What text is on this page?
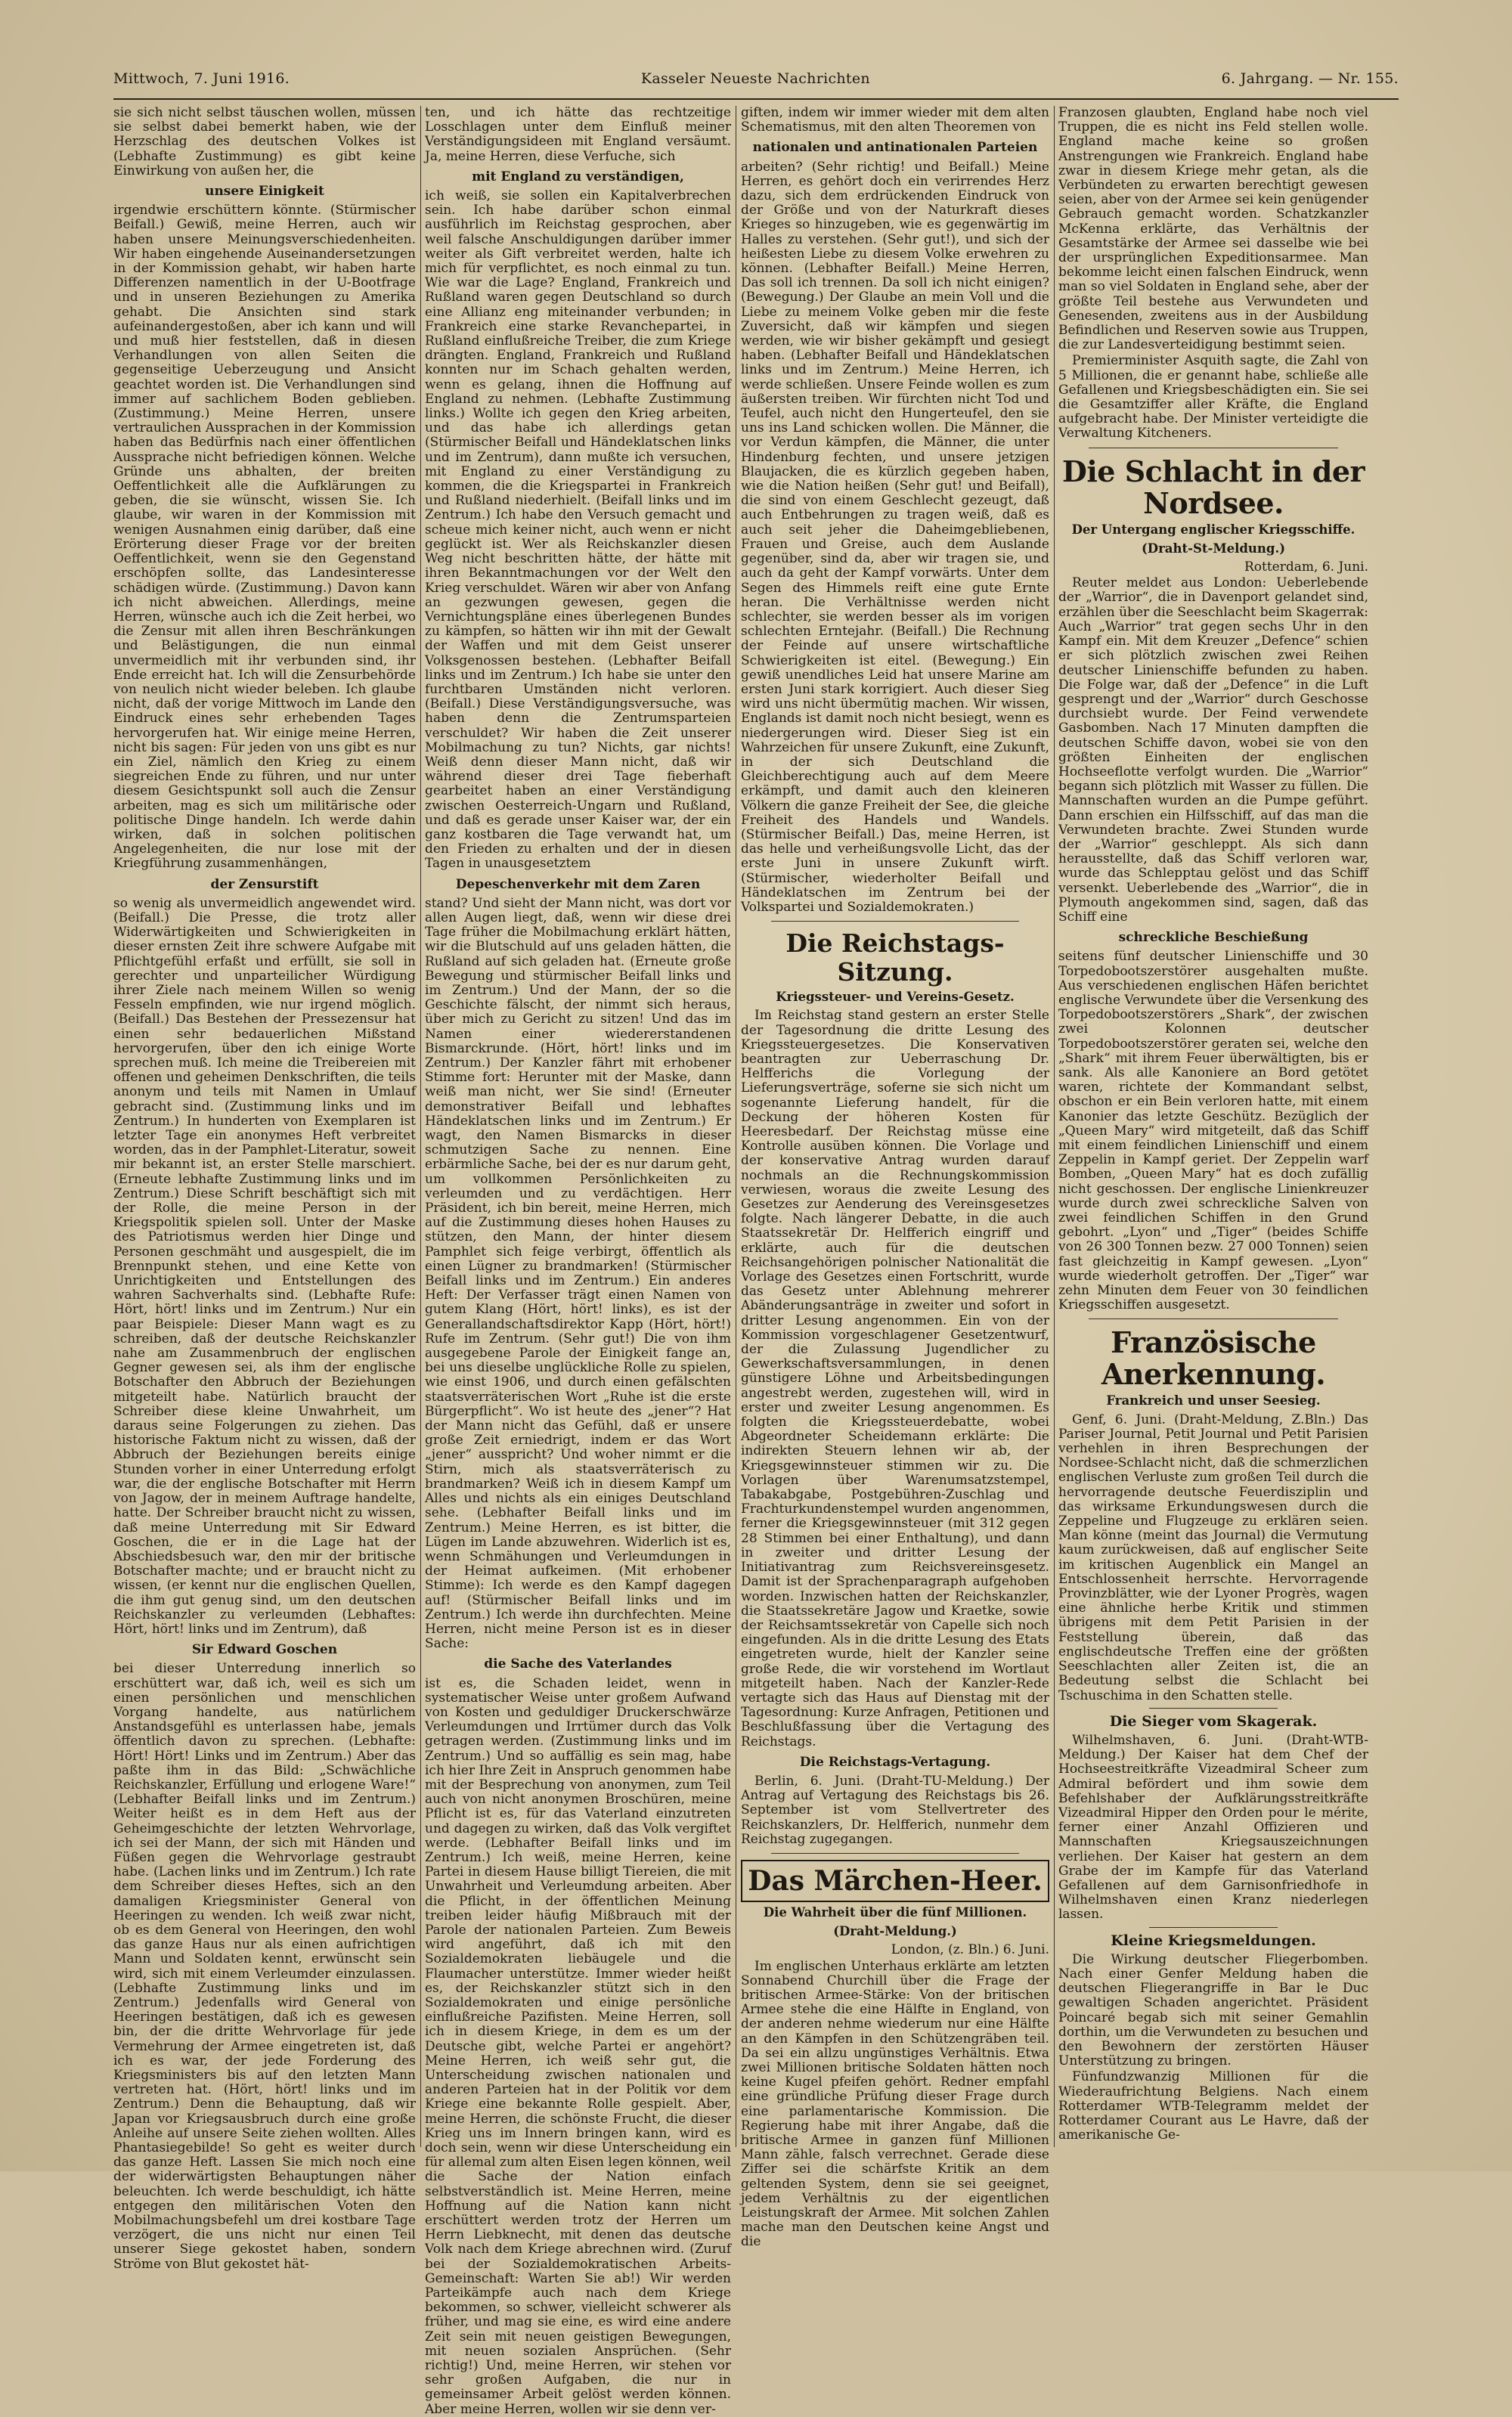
Mittwoch, 7. Juni 1916.	Kasseler Neueste Nachrichten	6. Jahrgang. — Nr. 155.

sie sich nicht selbst täuschen wollen, müssen sie selbst dabei bemerkt haben, wie der Herzschlag des deutschen Volkes ist (Lebhafte Zustimmung) es gibt keine Einwirkung von außen her, die

unsere Einigkeit

irgendwie erschüttern könnte. (Stürmischer Beifall.) Gewiß, meine Herren, auch wir haben unsere Meinungsverschiedenheiten. Wir haben eingehende Auseinandersetzungen in der Kommission gehabt, wir haben harte Differenzen namentlich in der U-Bootfrage und in unseren Beziehungen zu Amerika gehabt. Die Ansichten sind stark aufeinandergestoßen, aber ich kann und will und muß hier feststellen, daß in diesen Verhandlungen von allen Seiten die gegenseitige Ueberzeugung und Ansicht geachtet worden ist. Die Verhandlungen sind immer auf sachlichem Boden geblieben. (Zustimmung.) Meine Herren, unsere vertraulichen Aussprachen in der Kommission haben das Bedürfnis nach einer öffentlichen Aussprache nicht befriedigen können. Welche Gründe uns abhalten, der breiten Oeffentlichkeit alle die Aufklärungen zu geben, die sie wünscht, wissen Sie. Ich glaube, wir waren in der Kommission mit wenigen Ausnahmen einig darüber, daß eine Erörterung dieser Frage vor der breiten Oeffentlichkeit, wenn sie den Gegenstand erschöpfen sollte, das Landesinteresse schädigen würde. (Zustimmung.) Davon kann ich nicht abweichen. Allerdings, meine Herren, wünsche auch ich die Zeit herbei, wo die Zensur mit allen ihren Beschränkungen und Belästigungen, die nun einmal unvermeidlich mit ihr verbunden sind, ihr Ende erreicht hat. Ich will die Zensurbehörde von neulich nicht wieder beleben. Ich glaube nicht, daß der vorige Mittwoch im Lande den Eindruck eines sehr erhebenden Tages hervorgerufen hat. Wir einige meine Herren, nicht bis sagen: Für jeden von uns gibt es nur ein Ziel, nämlich den Krieg zu einem siegreichen Ende zu führen, und nur unter diesem Gesichtspunkt soll auch die Zensur arbeiten, mag es sich um militärische oder politische Dinge handeln. Ich werde dahin wirken, daß in solchen politischen Angelegenheiten, die nur lose mit der Kriegführung zusammenhängen,

der Zensurstift

so wenig als unvermeidlich angewendet wird. (Beifall.) Die Presse, die trotz aller Widerwärtigkeiten und Schwierigkeiten in dieser ernsten Zeit ihre schwere Aufgabe mit Pflichtgefühl erfaßt und erfüllt, sie soll in gerechter und unparteilicher Würdigung ihrer Ziele nach meinem Willen so wenig Fesseln empfinden, wie nur irgend möglich. (Beifall.) Das Bestehen der Pressezensur hat einen sehr bedauerlichen Mißstand hervorgerufen, über den ich einige Worte sprechen muß. Ich meine die Treibereien mit offenen und geheimen Denkschriften, die teils anonym und teils mit Namen in Umlauf gebracht sind. (Zustimmung links und im Zentrum.) In hunderten von Exemplaren ist letzter Tage ein anonymes Heft verbreitet worden, das in der Pamphlet-Literatur, soweit mir bekannt ist, an erster Stelle marschiert. (Erneute lebhafte Zustimmung links und im Zentrum.) Diese Schrift beschäftigt sich mit der Rolle, die meine Person in der Kriegspolitik spielen soll. Unter der Maske des Patriotismus werden hier Dinge und Personen geschmäht und ausgespielt, die im Brennpunkt stehen, und eine Kette von Unrichtigkeiten und Entstellungen des wahren Sachverhalts sind. (Lebhafte Rufe: Hört, hört! links und im Zentrum.) Nur ein paar Beispiele: Dieser Mann wagt es zu schreiben, daß der deutsche Reichskanzler nahe am Zusammenbruch der englischen Gegner gewesen sei, als ihm der englische Botschafter den Abbruch der Beziehungen mitgeteilt habe. Natürlich braucht der Schreiber diese kleine Unwahrheit, um daraus seine Folgerungen zu ziehen. Das historische Faktum nicht zu wissen, daß der Abbruch der Beziehungen bereits einige Stunden vorher in einer Unterredung erfolgt war, die der englische Botschafter mit Herrn von Jagow, der in meinem Auftrage handelte, hatte. Der Schreiber braucht nicht zu wissen, daß meine Unterredung mit Sir Edward Goschen, die er in die Lage hat der Abschiedsbesuch war, den mir der britische Botschafter machte; und er braucht nicht zu wissen, (er kennt nur die englischen Quellen, die ihm gut genug sind, um den deutschen Reichskanzler zu verleumden (Lebhaftes: Hört, hört! links und im Zentrum), daß

Sir Edward Goschen

bei dieser Unterredung innerlich so erschüttert war, daß ich, weil es sich um einen persönlichen und menschlichen Vorgang handelte, aus natürlichem Anstandsgefühl es unterlassen habe, jemals öffentlich davon zu sprechen. (Lebhafte: Hört! Hört! Links und im Zentrum.) Aber das paßte ihm in das Bild: „Schwächliche Reichskanzler, Erfüllung und erlogene Ware!“ (Lebhafter Beifall links und im Zentrum.) Weiter heißt es in dem Heft aus der Geheimgeschichte der letzten Wehrvorlage, ich sei der Mann, der sich mit Händen und Füßen gegen die Wehrvorlage gestraubt habe. (Lachen links und im Zentrum.) Ich rate dem Schreiber dieses Heftes, sich an den damaligen Kriegsminister General von Heeringen zu wenden. Ich weiß zwar nicht, ob es dem General von Heeringen, den wohl das ganze Haus nur als einen aufrichtigen Mann und Soldaten kennt, erwünscht sein wird, sich mit einem Verleumder einzulassen. (Lebhafte Zustimmung links und im Zentrum.) Jedenfalls wird General von Heeringen bestätigen, daß ich es gewesen bin, der die dritte Wehrvorlage für jede Vermehrung der Armee eingetreten ist, daß ich es war, der jede Forderung des Kriegsministers bis auf den letzten Mann vertreten hat. (Hört, hört! links und im Zentrum.) Denn die Behauptung, daß wir Japan vor Kriegsausbruch durch eine große Anleihe auf unsere Seite ziehen wollten. Alles Phantasiegebilde! So geht es weiter durch das ganze Heft. Lassen Sie mich noch eine der widerwärtigsten Behauptungen näher beleuchten. Ich werde beschuldigt, ich hätte entgegen den militärischen Voten den Mobilmachungsbefehl um drei kostbare Tage verzögert, die uns nicht nur einen Teil unserer Siege gekostet haben, sondern Ströme von Blut gekostet hät-

ten, und ich hätte das rechtzeitige Losschlagen unter dem Einfluß meiner Verständigungsideen mit England versäumt. Ja, meine Herren, diese Verfuche, sich

mit England zu verständigen,

ich weiß, sie sollen ein Kapitalverbrechen sein. Ich habe darüber schon einmal ausführlich im Reichstag gesprochen, aber weil falsche Anschuldigungen darüber immer weiter als Gift verbreitet werden, halte ich mich für verpflichtet, es noch einmal zu tun. Wie war die Lage? England, Frankreich und Rußland waren gegen Deutschland so durch eine Allianz eng miteinander verbunden; in Frankreich eine starke Revanchepartei, in Rußland einflußreiche Treiber, die zum Kriege drängten. England, Frankreich und Rußland konnten nur im Schach gehalten werden, wenn es gelang, ihnen die Hoffnung auf England zu nehmen. (Lebhafte Zustimmung links.) Wollte ich gegen den Krieg arbeiten, und das habe ich allerdings getan (Stürmischer Beifall und Händeklatschen links und im Zentrum), dann mußte ich versuchen, mit England zu einer Verständigung zu kommen, die die Kriegspartei in Frankreich und Rußland niederhielt. (Beifall links und im Zentrum.) Ich habe den Versuch gemacht und scheue mich keiner nicht, auch wenn er nicht geglückt ist. Wer als Reichskanzler diesen Weg nicht beschritten hätte, der hätte mit ihren Bekanntmachungen vor der Welt den Krieg verschuldet. Wären wir aber von Anfang an gezwungen gewesen, gegen die Vernichtungspläne eines überlegenen Bundes zu kämpfen, so hätten wir ihn mit der Gewalt der Waffen und mit dem Geist unserer Volksgenossen bestehen. (Lebhafter Beifall links und im Zentrum.) Ich habe sie unter den furchtbaren Umständen nicht verloren. (Beifall.) Diese Verständigungsversuche, was haben denn die Zentrumsparteien verschuldet? Wir haben die Zeit unserer Mobilmachung zu tun? Nichts, gar nichts! Weiß denn dieser Mann nicht, daß wir während dieser drei Tage fieberhaft gearbeitet haben an einer Verständigung zwischen Oesterreich-Ungarn und Rußland, und daß es gerade unser Kaiser war, der ein ganz kostbaren die Tage verwandt hat, um den Frieden zu erhalten und der in diesen Tagen in unausgesetztem

Depeschenverkehr mit dem Zaren

stand? Und sieht der Mann nicht, was dort vor allen Augen liegt, daß, wenn wir diese drei Tage früher die Mobilmachung erklärt hätten, wir die Blutschuld auf uns geladen hätten, die Rußland auf sich geladen hat. (Erneute große Bewegung und stürmischer Beifall links und im Zentrum.) Und der Mann, der so die Geschichte fälscht, der nimmt sich heraus, über mich zu Gericht zu sitzen! Und das im Namen einer wiedererstandenen Bismarckrunde. (Hört, hört! links und im Zentrum.) Der Kanzler fährt mit erhobener Stimme fort: Herunter mit der Maske, dann weiß man nicht, wer Sie sind! (Erneuter demonstrativer Beifall und lebhaftes Händeklatschen links und im Zentrum.) Er wagt, den Namen Bismarcks in dieser schmutzigen Sache zu nennen. Eine erbärmliche Sache, bei der es nur darum geht, um vollkommen Persönlichkeiten zu verleumden und zu verdächtigen. Herr Präsident, ich bin bereit, meine Herren, mich auf die Zustimmung dieses hohen Hauses zu stützen, den Mann, der hinter diesem Pamphlet sich feige verbirgt, öffentlich als einen Lügner zu brandmarken! (Stürmischer Beifall links und im Zentrum.) Ein anderes Heft: Der Verfasser trägt einen Namen von gutem Klang (Hört, hört! links), es ist der Generallandschaftsdirektor Kapp (Hört, hört!) Rufe im Zentrum. (Sehr gut!) Die von ihm ausgegebene Parole der Einigkeit fange an, bei uns dieselbe unglückliche Rolle zu spielen, wie einst 1906, und durch einen gefälschten staatsverräterischen Wort „Ruhe ist die erste Bürgerpflicht“. Wo ist heute des „jener“? Hat der Mann nicht das Gefühl, daß er unsere große Zeit erniedrigt, indem er das Wort „jener“ ausspricht? Und woher nimmt er die Stirn, mich als staatsverräterisch zu brandmarken? Weiß ich in diesem Kampf um Alles und nichts als ein einiges Deutschland sehe. (Lebhafter Beifall links und im Zentrum.) Meine Herren, es ist bitter, die Lügen im Lande abzuwehren. Widerlich ist es, wenn Schmähungen und Verleumdungen in der Heimat aufkeimen. (Mit erhobener Stimme): Ich werde es den Kampf dagegen auf! (Stürmischer Beifall links und im Zentrum.) Ich werde ihn durchfechten. Meine Herren, nicht meine Person ist es in dieser Sache:

die Sache des Vaterlandes

ist es, die Schaden leidet, wenn in systematischer Weise unter großem Aufwand von Kosten und geduldiger Druckerschwärze Verleumdungen und Irrtümer durch das Volk getragen werden. (Zustimmung links und im Zentrum.) Und so auffällig es sein mag, habe ich hier Ihre Zeit in Anspruch genommen habe mit der Besprechung von anonymen, zum Teil auch von nicht anonymen Broschüren, meine Pflicht ist es, für das Vaterland einzutreten und dagegen zu wirken, daß das Volk vergiftet werde. (Lebhafter Beifall links und im Zentrum.) Ich weiß, meine Herren, keine Partei in diesem Hause billigt Tiereien, die mit Unwahrheit und Verleumdung arbeiten. Aber die Pflicht, in der öffentlichen Meinung treiben leider häufig Mißbrauch mit der Parole der nationalen Parteien. Zum Beweis wird angeführt, daß ich mit den Sozialdemokraten liebäugele und die Flaumacher unterstütze. Immer wieder heißt es, der Reichskanzler stützt sich in den Sozialdemokraten und einige persönliche einflußreiche Pazifisten. Meine Herren, soll ich in diesem Kriege, in dem es um der Deutsche gibt, welche Partei er angehört? Meine Herren, ich weiß sehr gut, die Unterscheidung zwischen nationalen und anderen Parteien hat in der Politik vor dem Kriege eine bekannte Rolle gespielt. Aber, meine Herren, die schönste Frucht, die dieser Krieg uns im Innern bringen kann, wird es doch sein, wenn wir diese Unterscheidung ein für allemal zum alten Eisen legen können, weil die Sache der Nation einfach selbstverständlich ist. Meine Herren, meine Hoffnung auf die Nation kann nicht erschüttert werden trotz der Herren um Herrn Liebknecht, mit denen das deutsche Volk nach dem Kriege abrechnen wird. (Zuruf bei der Sozialdemokratischen Arbeits-Gemeinschaft: Warten Sie ab!) Wir werden Parteikämpfe auch nach dem Kriege bekommen, so schwer, vielleicht schwerer als früher, und mag sie eine, es wird eine andere Zeit sein mit neuen geistigen Bewegungen, mit neuen sozialen Ansprüchen. (Sehr richtig!) Und, meine Herren, wir stehen vor sehr großen Aufgaben, die nur in gemeinsamer Arbeit gelöst werden können. Aber meine Herren, wollen wir sie denn ver-

giften, indem wir immer wieder mit dem alten Schematismus, mit den alten Theoremen von

nationalen und antinationalen Parteien

arbeiten? (Sehr richtig! und Beifall.) Meine Herren, es gehört doch ein verirrendes Herz dazu, sich dem erdrückenden Eindruck von der Größe und von der Naturkraft dieses Krieges so hinzugeben, wie es gegenwärtig im Halles zu verstehen. (Sehr gut!), und sich der heißesten Liebe zu diesem Volke erwehren zu können. (Lebhafter Beifall.) Meine Herren, Das soll ich trennen. Da soll ich nicht einigen? (Bewegung.) Der Glaube an mein Voll und die Liebe zu meinem Volke geben mir die feste Zuversicht, daß wir kämpfen und siegen werden, wie wir bisher gekämpft und gesiegt haben. (Lebhafter Beifall und Händeklatschen links und im Zentrum.) Meine Herren, ich werde schließen. Unsere Feinde wollen es zum äußersten treiben. Wir fürchten nicht Tod und Teufel, auch nicht den Hungerteufel, den sie uns ins Land schicken wollen. Die Männer, die vor Verdun kämpfen, die Männer, die unter Hindenburg fechten, und unsere jetzigen Blaujacken, die es kürzlich gegeben haben, wie die Nation heißen (Sehr gut! und Beifall), die sind von einem Geschlecht gezeugt, daß auch Entbehrungen zu tragen weiß, daß es auch seit jeher die Daheimgebliebenen, Frauen und Greise, auch dem Auslande gegenüber, sind da, aber wir tragen sie, und auch da geht der Kampf vorwärts. Unter dem Segen des Himmels reift eine gute Ernte heran. Die Verhältnisse werden nicht schlechter, sie werden besser als im vorigen schlechten Erntejahr. (Beifall.) Die Rechnung der Feinde auf unsere wirtschaftliche Schwierigkeiten ist eitel. (Bewegung.) Ein gewiß unendliches Leid hat unsere Marine am ersten Juni stark korrigiert. Auch dieser Sieg wird uns nicht übermütig machen. Wir wissen, Englands ist damit noch nicht besiegt, wenn es niedergerungen wird. Dieser Sieg ist ein Wahrzeichen für unsere Zukunft, eine Zukunft, in der sich Deutschland die Gleichberechtigung auch auf dem Meere erkämpft, und damit auch den kleineren Völkern die ganze Freiheit der See, die gleiche Freiheit des Handels und Wandels. (Stürmischer Beifall.) Das, meine Herren, ist das helle und verheißungsvolle Licht, das der erste Juni in unsere Zukunft wirft. (Stürmischer, wiederholter Beifall und Händeklatschen im Zentrum bei der Volkspartei und Sozialdemokraten.)

Die Reichstags-Sitzung.
Kriegssteuer- und Vereins-Gesetz.

Im Reichstag stand gestern an erster Stelle der Tagesordnung die dritte Lesung des Kriegssteuergesetzes. Die Konservativen beantragten zur Ueberraschung Dr. Helfferichs die Vorlegung der Lieferungsverträge, soferne sie sich nicht um sogenannte Lieferung handelt, für die Deckung der höheren Kosten für Heeresbedarf. Der Reichstag müsse eine Kontrolle ausüben können. Die Vorlage und der konservative Antrag wurden darauf nochmals an die Rechnungskommission verwiesen, woraus die zweite Lesung des Gesetzes zur Aenderung des Vereinsgesetzes folgte. Nach längerer Debatte, in die auch Staatssekretär Dr. Helfferich eingriff und erklärte, auch für die deutschen Reichsangehörigen polnischer Nationalität die Vorlage des Gesetzes einen Fortschritt, wurde das Gesetz unter Ablehnung mehrerer Abänderungsanträge in zweiter und sofort in dritter Lesung angenommen. Ein von der Kommission vorgeschlagener Gesetzentwurf, der die Zulassung Jugendlicher zu Gewerkschaftsversammlungen, in denen günstigere Löhne und Arbeitsbedingungen angestrebt werden, zugestehen will, wird in erster und zweiter Lesung angenommen. Es folgten die Kriegssteuerdebatte, wobei Abgeordneter Scheidemann erklärte: Die indirekten Steuern lehnen wir ab, der Kriegsgewinnsteuer stimmen wir zu. Die Vorlagen über Warenumsatzstempel, Tabakabgabe, Postgebühren-Zuschlag und Frachturkundenstempel wurden angenommen, ferner die Kriegsgewinnsteuer (mit 312 gegen 28 Stimmen bei einer Enthaltung), und dann in zweiter und dritter Lesung der Initiativantrag zum Reichsvereinsgesetz. Damit ist der Sprachenparagraph aufgehoben worden. Inzwischen hatten der Reichskanzler, die Staatssekretäre Jagow und Kraetke, sowie der Reichsamtssekretär von Capelle sich noch eingefunden. Als in die dritte Lesung des Etats eingetreten wurde, hielt der Kanzler seine große Rede, die wir vorstehend im Wortlaut mitgeteilt haben. Nach der Kanzler-Rede vertagte sich das Haus auf Dienstag mit der Tagesordnung: Kurze Anfragen, Petitionen und Beschlußfassung über die Vertagung des Reichstags.

Die Reichstags-Vertagung.

Berlin, 6. Juni. (Draht-TU-Meldung.) Der Antrag auf Vertagung des Reichstags bis 26. September ist vom Stellvertreter des Reichskanzlers, Dr. Helfferich, nunmehr dem Reichstag zugegangen.

Das Märchen-Heer.
Die Wahrheit über die fünf Millionen.
(Draht-Meldung.)

London, (z. Bln.) 6. Juni.

Im englischen Unterhaus erklärte am letzten Sonnabend Churchill über die Frage der britischen Armee-Stärke: Von der britischen Armee stehe die eine Hälfte in England, von der anderen nehme wiederum nur eine Hälfte an den Kämpfen in den Schützengräben teil. Da sei ein allzu ungünstiges Verhältnis. Etwa zwei Millionen britische Soldaten hätten noch keine Kugel pfeifen gehört. Redner empfahl eine gründliche Prüfung dieser Frage durch eine parlamentarische Kommission. Die Regierung habe mit ihrer Angabe, daß die britische Armee in ganzen fünf Millionen Mann zähle, falsch verrechnet. Gerade diese Ziffer sei die schärfste Kritik an dem geltenden System, denn sie sei geeignet, jedem Verhältnis zu der eigentlichen Leistungskraft der Armee. Mit solchen Zahlen mache man den Deutschen keine Angst und die

Franzosen glaubten, England habe noch viel Truppen, die es nicht ins Feld stellen wolle. England mache keine so großen Anstrengungen wie Frankreich. England habe zwar in diesem Kriege mehr getan, als die Verbündeten zu erwarten berechtigt gewesen seien, aber von der Armee sei kein genügender Gebrauch gemacht worden. Schatzkanzler McKenna erklärte, das Verhältnis der Gesamtstärke der Armee sei dasselbe wie bei der ursprünglichen Expeditionsarmee. Man bekomme leicht einen falschen Eindruck, wenn man so viel Soldaten in England sehe, aber der größte Teil bestehe aus Verwundeten und Genesenden, zweitens aus in der Ausbildung Befindlichen und Reserven sowie aus Truppen, die zur Landesverteidigung bestimmt seien.

Premierminister Asquith sagte, die Zahl von 5 Millionen, die er genannt habe, schließe alle Gefallenen und Kriegsbeschädigten ein. Sie sei die Gesamtziffer aller Kräfte, die England aufgebracht habe. Der Minister verteidigte die Verwaltung Kitcheners.

Die Schlacht in der Nordsee.
Der Untergang englischer Kriegsschiffe.
(Draht-St-Meldung.)

Rotterdam, 6. Juni.

Reuter meldet aus London: Ueberlebende der „Warrior“, die in Davenport gelandet sind, erzählen über die Seeschlacht beim Skagerrak: Auch „Warrior“ trat gegen sechs Uhr in den Kampf ein. Mit dem Kreuzer „Defence“ schien er sich plötzlich zwischen zwei Reihen deutscher Linienschiffe befunden zu haben. Die Folge war, daß der „Defence“ in die Luft gesprengt und der „Warrior“ durch Geschosse durchsiebt wurde. Der Feind verwendete Gasbomben. Nach 17 Minuten dampften die deutschen Schiffe davon, wobei sie von den größten Einheiten der englischen Hochseeflotte verfolgt wurden. Die „Warrior“ begann sich plötzlich mit Wasser zu füllen. Die Mannschaften wurden an die Pumpe geführt. Dann erschien ein Hilfsschiff, auf das man die Verwundeten brachte. Zwei Stunden wurde der „Warrior“ geschleppt. Als sich dann herausstellte, daß das Schiff verloren war, wurde das Schlepptau gelöst und das Schiff versenkt. Ueberlebende des „Warrior“, die in Plymouth angekommen sind, sagen, daß das Schiff eine

schreckliche Beschießung

seitens fünf deutscher Linienschiffe und 30 Torpedobootszerstörer ausgehalten mußte. Aus verschiedenen englischen Häfen berichtet englische Verwundete über die Versenkung des Torpedobootszerstörers „Shark“, der zwischen zwei Kolonnen deutscher Torpedobootszerstörer geraten sei, welche den „Shark“ mit ihrem Feuer überwältigten, bis er sank. Als alle Kanoniere an Bord getötet waren, richtete der Kommandant selbst, obschon er ein Bein verloren hatte, mit einem Kanonier das letzte Geschütz. Bezüglich der „Queen Mary“ wird mitgeteilt, daß das Schiff mit einem feindlichen Linienschiff und einem Zeppelin in Kampf geriet. Der Zeppelin warf Bomben, „Queen Mary“ hat es doch zufällig nicht geschossen. Der englische Linienkreuzer wurde durch zwei schreckliche Salven von zwei feindlichen Schiffen in den Grund gebohrt. „Lyon“ und „Tiger“ (beides Schiffe von 26 300 Tonnen bezw. 27 000 Tonnen) seien fast gleichzeitig in Kampf gewesen. „Lyon“ wurde wiederholt getroffen. Der „Tiger“ war zehn Minuten dem Feuer von 30 feindlichen Kriegsschiffen ausgesetzt.

Französische Anerkennung.
Frankreich und unser Seesieg.

Genf, 6. Juni. (Draht-Meldung, Z.Bln.) Das Pariser Journal, Petit Journal und Petit Parisien verhehlen in ihren Besprechungen der Nordsee-Schlacht nicht, daß die schmerzlichen englischen Verluste zum großen Teil durch die hervorragende deutsche Feuerdisziplin und das wirksame Erkundungswesen durch die Zeppeline und Flugzeuge zu erklären seien. Man könne (meint das Journal) die Vermutung kaum zurückweisen, daß auf englischer Seite im kritischen Augenblick ein Mangel an Entschlossenheit herrschte. Hervorragende Provinzblätter, wie der Lyoner Progrès, wagen eine ähnliche herbe Kritik und stimmen übrigens mit dem Petit Parisien in der Feststellung überein, daß das englischdeutsche Treffen eine der größten Seeschlachten aller Zeiten ist, die an Bedeutung selbst die Schlacht bei Tschuschima in den Schatten stelle.

Die Sieger vom Skagerak.

Wilhelmshaven, 6. Juni. (Draht-WTB-Meldung.) Der Kaiser hat dem Chef der Hochseestreitkräfte Vizeadmiral Scheer zum Admiral befördert und ihm sowie dem Befehlshaber der Aufklärungsstreitkräfte Vizeadmiral Hipper den Orden pour le mérite, ferner einer Anzahl Offizieren und Mannschaften Kriegsauszeichnungen verliehen. Der Kaiser hat gestern an dem Grabe der im Kampfe für das Vaterland Gefallenen auf dem Garnisonfriedhofe in Wilhelmshaven einen Kranz niederlegen lassen.

Kleine Kriegsmeldungen.

Die Wirkung deutscher Fliegerbomben. Nach einer Genfer Meldung haben die deutschen Fliegerangriffe in Bar le Duc gewaltigen Schaden angerichtet. Präsident Poincaré begab sich mit seiner Gemahlin dorthin, um die Verwundeten zu besuchen und den Bewohnern der zerstörten Häuser Unterstützung zu bringen.

Fünfundzwanzig Millionen für die Wiederaufrichtung Belgiens. Nach einem Rotterdamer WTB-Telegramm meldet der Rotterdamer Courant aus Le Havre, daß der amerikanische Ge-
